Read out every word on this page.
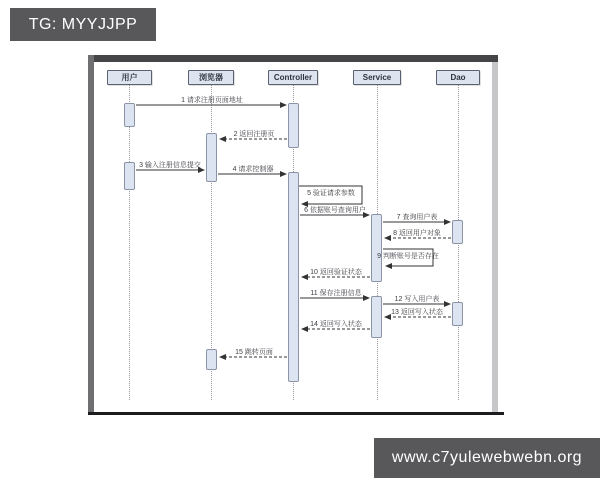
用户	浏览器	Controller	Service	Dao
1 请求注册页面地址
2 返回注册页
3 输入注册信息提交
4 请求控制器
5 验证请求参数
6 依据账号查询用户
7 查询用户表
8 返回用户对象
9 判断账号是否存在
10 返回验证状态
11 保存注册信息
12 写入用户表
13 返回写入状态
14 返回写入状态
15 跳转页面
TG: MYYJJPP
www.c7yulewebwebn.org
